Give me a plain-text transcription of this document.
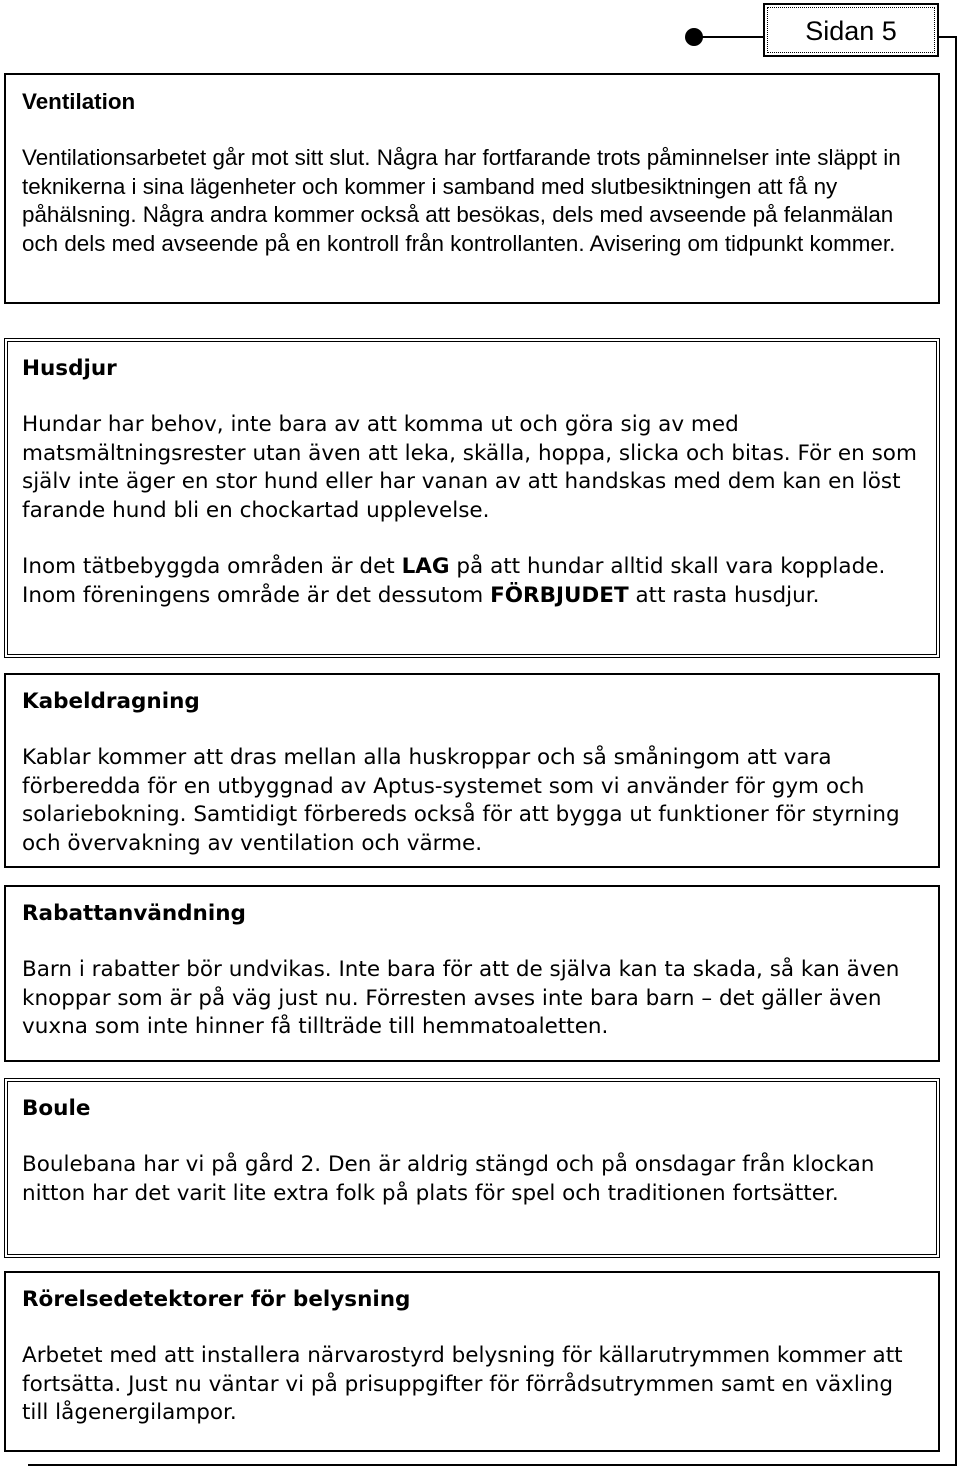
Sidan 5
Ventilation

Ventilationsarbetet går mot sitt slut. Några har fortfarande trots påminnelser inte släppt in teknikerna i sina lägenheter och kommer i samband med slutbesiktningen att få ny påhälsning. Några andra kommer också att besökas, dels med avseende på felanmälan och dels med avseende på en kontroll från kontrollanten. Avisering om tidpunkt kommer.

Husdjur

Hundar har behov, inte bara av att komma ut och göra sig av med matsmältningsrester utan även att leka, skälla, hoppa, slicka och bitas. För en som själv inte äger en stor hund eller har vanan av att handskas med dem kan en löst farande hund bli en chockartad upplevelse.

Inom tätbebyggda områden är det LAG på att hundar alltid skall vara kopplade. Inom föreningens område är det dessutom FÖRBJUDET att rasta husdjur.

Kabeldragning

Kablar kommer att dras mellan alla huskroppar och så småningom att vara förberedda för en utbyggnad av Aptus-systemet som vi använder för gym och solariebokning. Samtidigt förbereds också för att bygga ut funktioner för styrning och övervakning av ventilation och värme.

Rabattanvändning

Barn i rabatter bör undvikas. Inte bara för att de själva kan ta skada, så kan även knoppar som är på väg just nu. Förresten avses inte bara barn – det gäller även vuxna som inte hinner få tillträde till hemmatoaletten.

Boule

Boulebana har vi på gård 2. Den är aldrig stängd och på onsdagar från klockan nitton har det varit lite extra folk på plats för spel och traditionen fortsätter.

Rörelsedetektorer för belysning

Arbetet med att installera närvarostyrd belysning för källarutrymmen kommer att fortsätta. Just nu väntar vi på prisuppgifter för förrådsutrymmen samt en växling till lågenergilampor.
